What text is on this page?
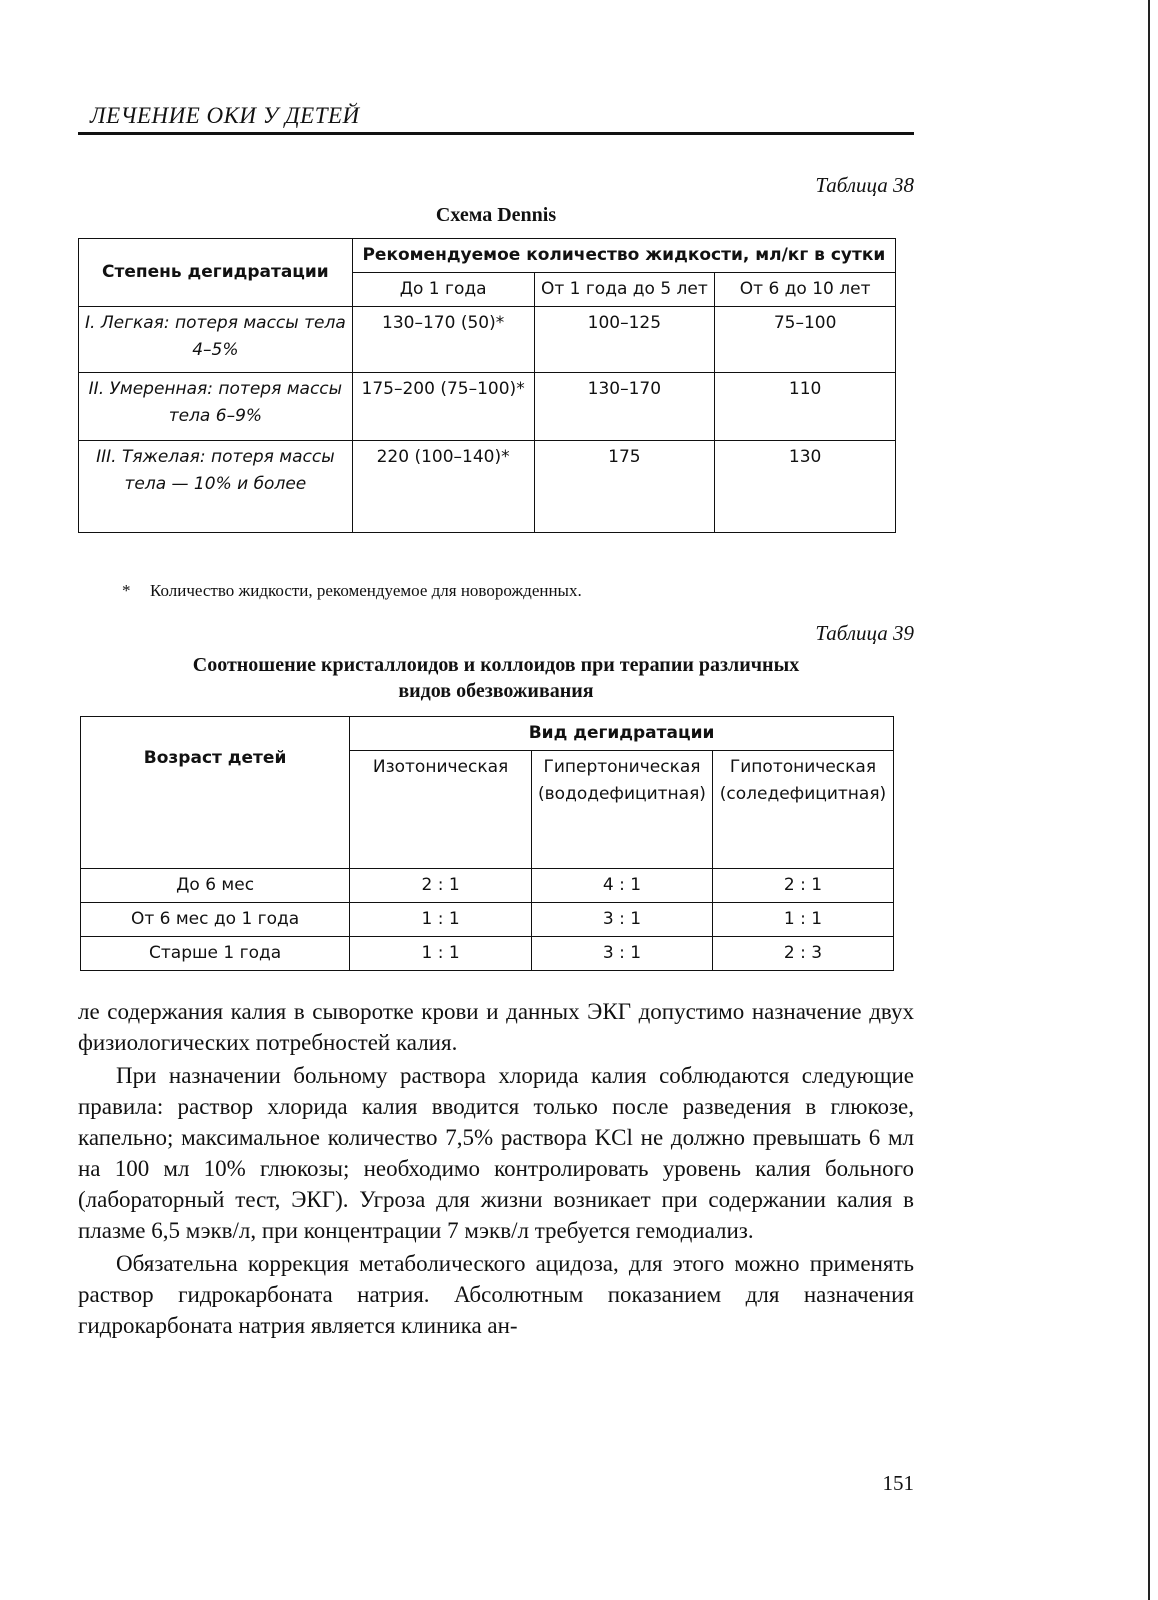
ЛЕЧЕНИЕ ОКИ У ДЕТЕЙ
Таблица 38
Схема Dennis
Степень дегидратации	Рекомендуемое количество жидкости, мл/кг в сутки		
	До 1 года	От 1 года до 5 лет	От 6 до 10 лет
I. Легкая: потеря массы тела 4–5%	130–170 (50)*	100–125	75–100
II. Умеренная: потеря массы тела 6–9%	175–200 (75–100)*	130–170	110
III. Тяжелая: потеря массы тела — 10% и более	220 (100–140)*	175	130
* Количество жидкости, рекомендуемое для новорожденных.
Таблица 39
Соотношение кристаллоидов и коллоидов при терапии различных
видов обезвоживания
Возраст детей	Вид дегидратации		
	Изотоническая	Гипертоническая (вододефицитная)	Гипотоническая (соледефицитная)
До 6 мес	2 : 1	4 : 1	2 : 1
От 6 мес до 1 года	1 : 1	3 : 1	1 : 1
Старше 1 года	1 : 1	3 : 1	2 : 3

ле содержания калия в сыворотке крови и данных ЭКГ допустимо назначение двух физиологических потребностей калия.

При назначении больному раствора хлорида калия соблюдаются следующие правила: раствор хлорида калия вводится только после разведения в глюкозе, капельно; максимальное количество 7,5% раствора KCl не должно превышать 6 мл на 100 мл 10% глюкозы; необходимо контролировать уровень калия больного (лабораторный тест, ЭКГ). Угроза для жизни возникает при содержании калия в плазме 6,5 мэкв/л, при концентрации 7 мэкв/л требуется гемодиализ.

Обязательна коррекция метаболического ацидоза, для этого можно применять раствор гидрокарбоната натрия. Абсолютным показанием для назначения гидрокарбоната натрия является клиника ан-

151
